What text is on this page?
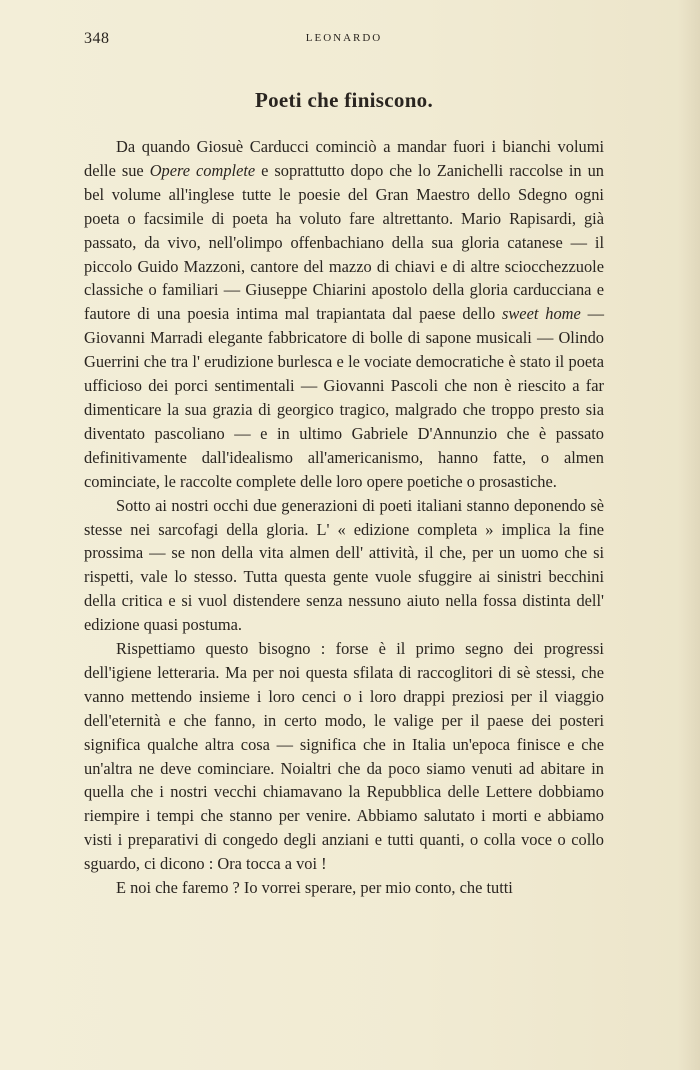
348	LEONARDO
Poeti che finiscono.

Da quando Giosuè Carducci cominciò a mandar fuori i bianchi volumi delle sue Opere complete e soprattutto dopo che lo Zanichelli raccolse in un bel volume all'inglese tutte le poesie del Gran Maestro dello Sdegno ogni poeta o facsimile di poeta ha voluto fare altrettanto. Mario Rapisardi, già passato, da vivo, nell'olimpo offenbachiano della sua gloria catanese — il piccolo Guido Mazzoni, cantore del mazzo di chiavi e di altre sciocchezzuole classiche o familiari — Giuseppe Chiarini apostolo della gloria carducciana e fautore di una poesia intima mal trapiantata dal paese dello sweet home — Giovanni Marradi elegante fabbricatore di bolle di sapone musicali — Olindo Guerrini che tra l' erudizione burlesca e le vociate democratiche è stato il poeta ufficioso dei porci sentimentali — Giovanni Pascoli che non è riescito a far dimenticare la sua grazia di georgico tragico, malgrado che troppo presto sia diventato pascoliano — e in ultimo Gabriele D'Annunzio che è passato definitivamente dall'idealismo all'americanismo, hanno fatte, o almen cominciate, le raccolte complete delle loro opere poetiche o prosastiche.

Sotto ai nostri occhi due generazioni di poeti italiani stanno deponendo sè stesse nei sarcofagi della gloria. L' « edizione completa » implica la fine prossima — se non della vita almen dell' attività, il che, per un uomo che si rispetti, vale lo stesso. Tutta questa gente vuole sfuggire ai sinistri becchini della critica e si vuol distendere senza nessuno aiuto nella fossa distinta dell' edizione quasi postuma.

Rispettiamo questo bisogno : forse è il primo segno dei progressi dell'igiene letteraria. Ma per noi questa sfilata di raccoglitori di sè stessi, che vanno mettendo insieme i loro cenci o i loro drappi preziosi per il viaggio dell'eternità e che fanno, in certo modo, le valige per il paese dei posteri significa qualche altra cosa — significa che in Italia un'epoca finisce e che un'altra ne deve cominciare. Noialtri che da poco siamo venuti ad abitare in quella che i nostri vecchi chiamavano la Repubblica delle Lettere dobbiamo riempire i tempi che stanno per venire. Abbiamo salutato i morti e abbiamo visti i preparativi di congedo degli anziani e tutti quanti, o colla voce o collo sguardo, ci dicono : Ora tocca a voi !

E noi che faremo ? Io vorrei sperare, per mio conto, che tutti
